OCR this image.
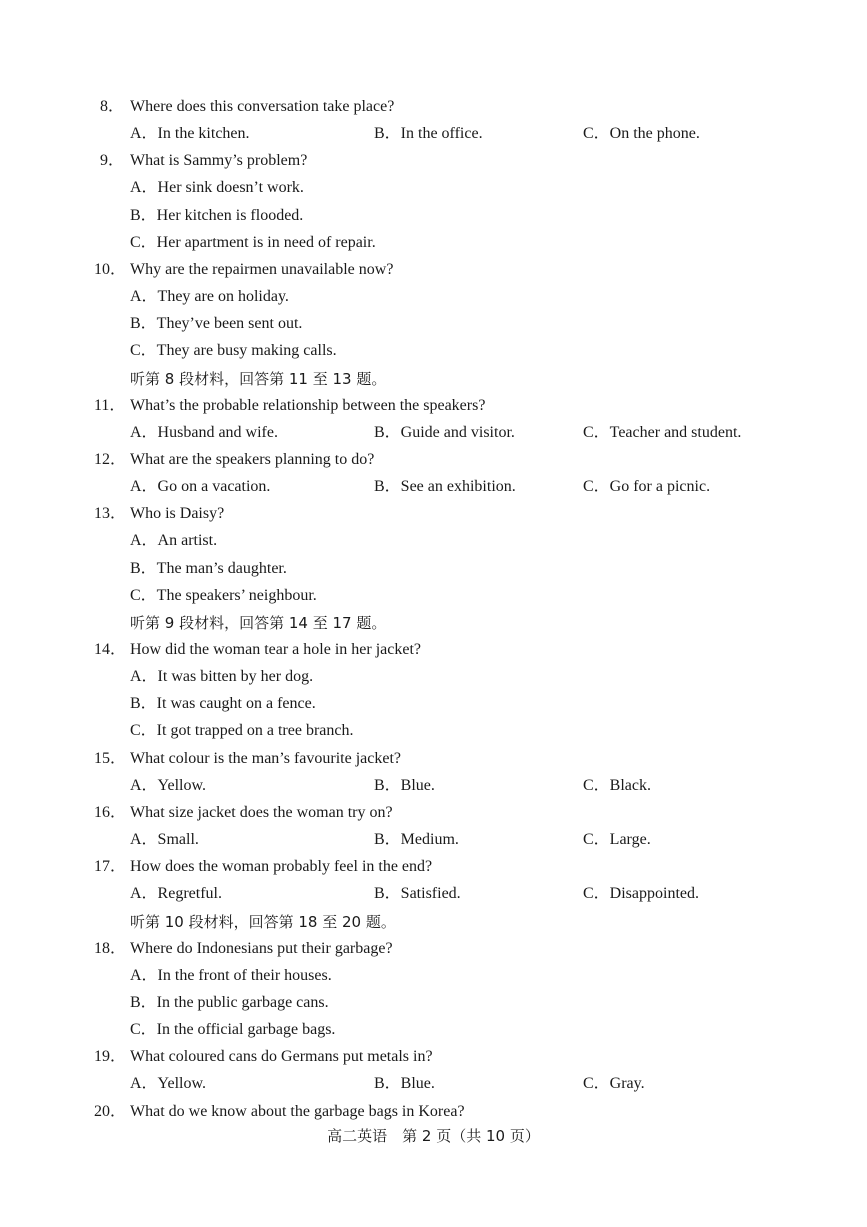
8． Where does this conversation take place?
A．In the kitchen.	B．In the office.	C．On the phone.
9． What is Sammy’s problem?
A．Her sink doesn’t work.
B．Her kitchen is flooded.
C．Her apartment is in need of repair.
10． Why are the repairmen unavailable now?
A．They are on holiday.
B．They’ve been sent out.
C．They are busy making calls.
听第 8 段材料，回答第 11 至 13 题。
11． What’s the probable relationship between the speakers?
A．Husband and wife.	B．Guide and visitor.	C．Teacher and student.
12． What are the speakers planning to do?
A．Go on a vacation.	B．See an exhibition.	C．Go for a picnic.
13． Who is Daisy?
A．An artist.
B．The man’s daughter.
C．The speakers’ neighbour.
听第 9 段材料，回答第 14 至 17 题。
14． How did the woman tear a hole in her jacket?
A．It was bitten by her dog.
B．It was caught on a fence.
C．It got trapped on a tree branch.
15． What colour is the man’s favourite jacket?
A．Yellow.	B．Blue.	C．Black.
16． What size jacket does the woman try on?
A．Small.	B．Medium.	C．Large.
17． How does the woman probably feel in the end?
A．Regretful.	B．Satisfied.	C．Disappointed.
听第 10 段材料，回答第 18 至 20 题。
18． Where do Indonesians put their garbage?
A．In the front of their houses.
B．In the public garbage cans.
C．In the official garbage bags.
19． What coloured cans do Germans put metals in?
A．Yellow.	B．Blue.	C．Gray.
20． What do we know about the garbage bags in Korea?
高二英语　第 2 页（共 10 页）
